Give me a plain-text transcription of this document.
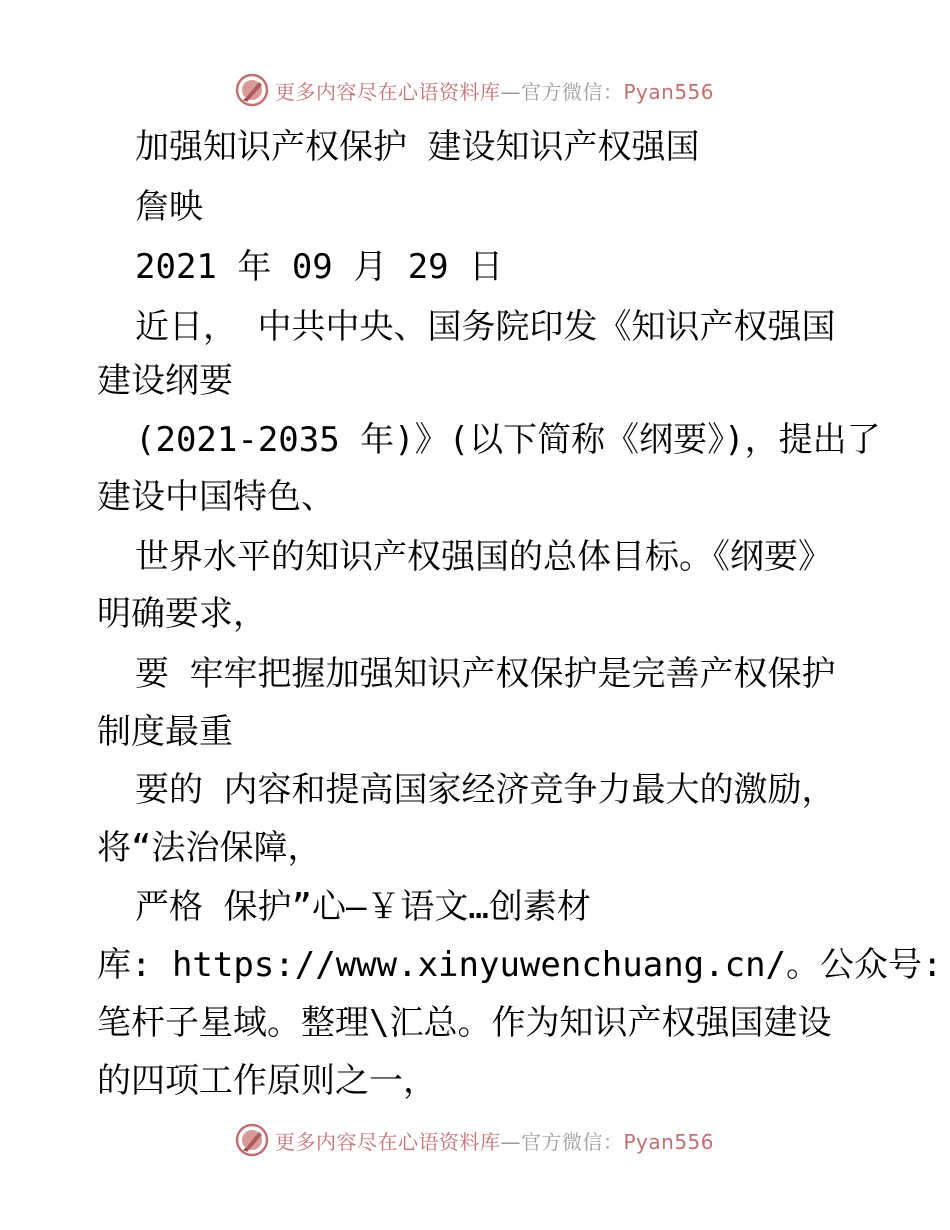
更多内容尽在心语资料库—官方微信：Pyan556
加强知识产权保护 建设知识产权强国
詹映
2021 年 09 月 29 日
近日， 中共中央、国务院印发《知识产权强国
建设纲要
(2021-2035 年)》(以下简称《纲要》)，提出了
建设中国特色、
世界水平的知识产权强国的总体目标。《纲要》
明确要求，
要 牢牢把握加强知识产权保护是完善产权保护
制度最重
要的 内容和提高国家经济竞争力最大的激励，
将“法治保障，
严格 保护”心—￥语文…创素材
库: https://www.xinyuwenchuang.cn/。公众号:
笔杆子星域。整理\汇总。作为知识产权强国建设
的四项工作原则之一，
更多内容尽在心语资料库—官方微信：Pyan556
